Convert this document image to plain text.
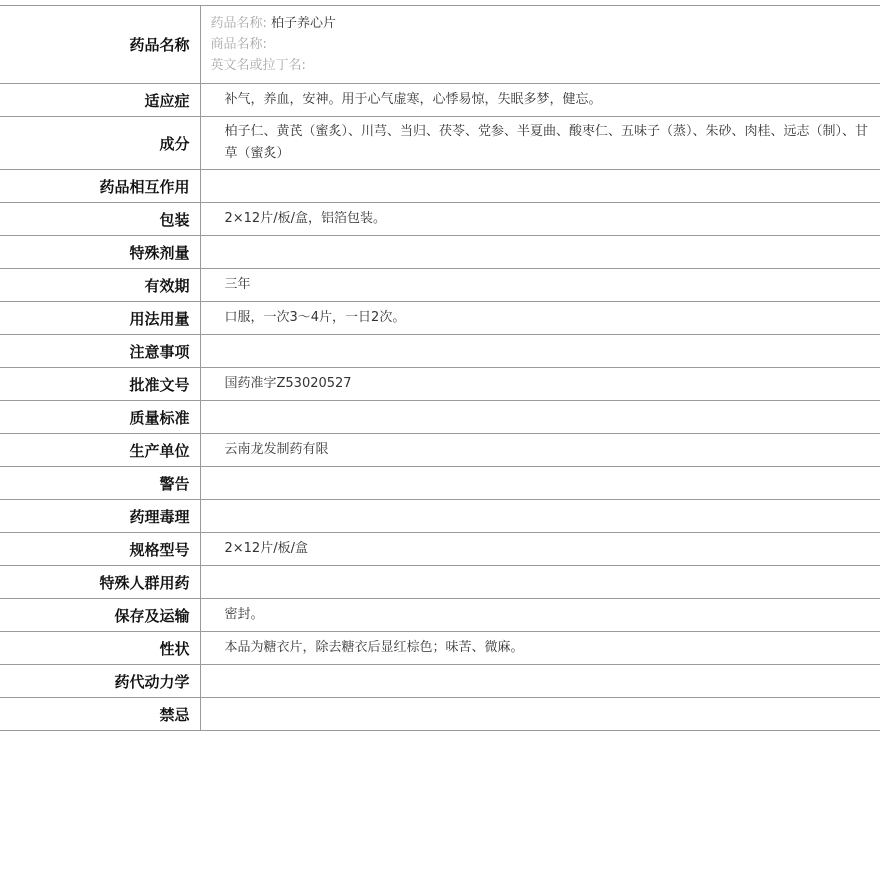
药品名称	药品名称: 柏子养心片
商品名称:
英文名或拉丁名:

适应症	补气，养血，安神。用于心气虚寒，心悸易惊，失眠多梦，健忘。
成分	柏子仁、黄芪（蜜炙）、川芎、当归、茯苓、党参、半夏曲、酸枣仁、五味子（蒸）、朱砂、肉桂、远志（制）、甘草（蜜炙）
药品相互作用	
包装	2×12片/板/盒，铝箔包装。
特殊剂量	
有效期	三年
用法用量	口服，一次3～4片，一日2次。
注意事项	
批准文号	国药准字Z53020527
质量标准	
生产单位	云南龙发制药有限
警告	
药理毒理	
规格型号	2×12片/板/盒
特殊人群用药	
保存及运输	密封。
性状	本品为糖衣片，除去糖衣后显红棕色；味苦、微麻。
药代动力学	
禁忌	
